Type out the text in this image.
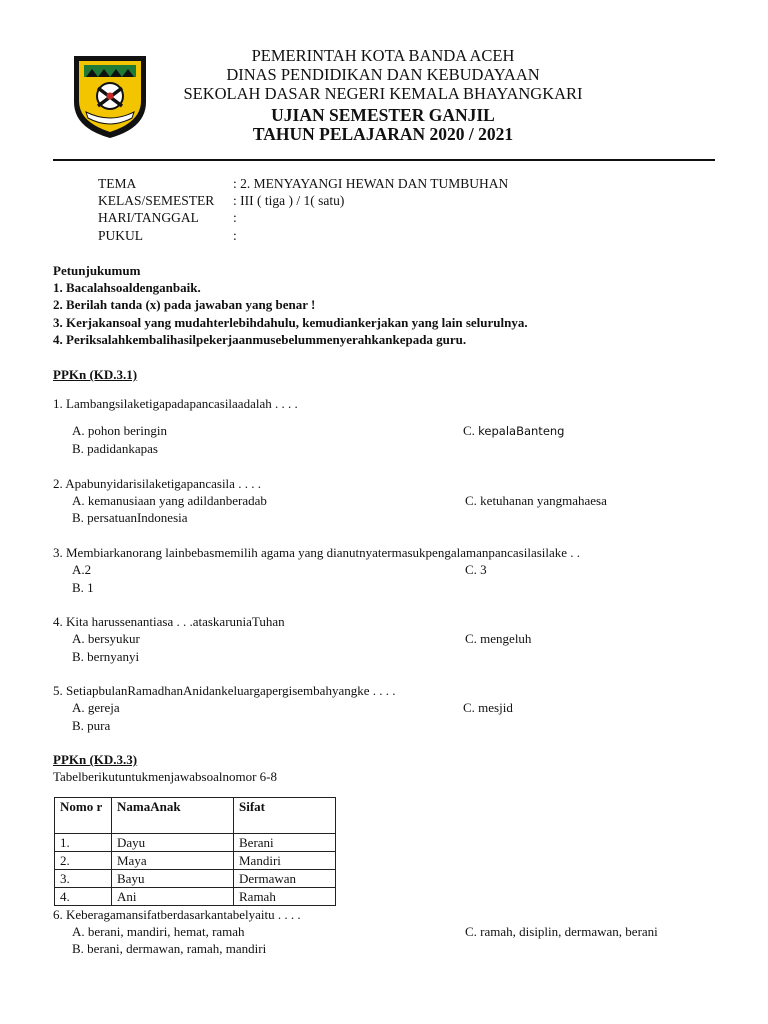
PEMERINTAH KOTA BANDA ACEH
DINAS PENDIDIKAN DAN KEBUDAYAAN
SEKOLAH DASAR NEGERI KEMALA BHAYANGKARI
UJIAN SEMESTER GANJIL
TAHUN PELAJARAN 2020 / 2021
TEMA	: 2. MENYAYANGI HEWAN DAN TUMBUHAN
KELAS/SEMESTER : III ( tiga ) / 1( satu)
HARI/TANGGAL	:
PUKUL	:
Petunjukumum
1. Bacalahsoaldenganbaik.
2. Berilah tanda (x) pada jawaban yang benar !
3. Kerjakansoal yang mudahterlebihdahulu, kemudiankerjakan yang lain selurulnya.
4. Periksalahkembalihasilpekerjaanmusebelummenyerahkankepada guru.
PPKn (KD.3.1)
1. Lambangsilaketigapadapancasilaadalah . . . .
A. pohon beringin
B. padidankapas
C. kepalaBanteng
2. Apabunyidarisilaketigapancasila . . . .
A. kemanusiaan yang adildanberadab
B. persatuanIndonesia
C. ketuhanan yangmahaesa
3. Membiarkanorang lainbebasmemilih agama yang dianutnyatermasukpengalamanpancasilasilake . .
A.2
B. 1
C. 3
4. Kita harussenantiasa . . .ataskaruniaTuhan
A. bersyukur
B. bernyanyi
C. mengeluh
5. SetiapbulanRamadhanAnidankeluargapergisembahyangke . . . .
A. gereja
B. pura
C. mesjid
PPKn (KD.3.3)
Tabelberikutuntukmenjawabsoalnomor 6-8
Nomo r	NamaAnak	Sifat
1.	Dayu	Berani
2.	Maya	Mandiri
3.	Bayu	Dermawan
4.	Ani	Ramah
6. Keberagamansifatberdasarkantabelyaitu . . . .
A. berani, mandiri, hemat, ramah
B. berani, dermawan, ramah, mandiri
C. ramah, disiplin, dermawan, berani
